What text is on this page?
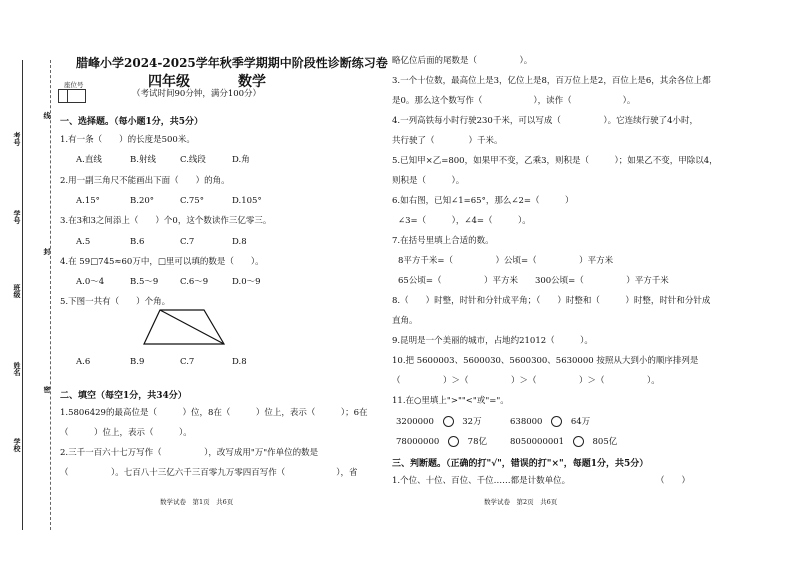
考号
线
学号
封
班级
姓名
密
学校
座位号
腊峰小学2024-2025学年秋季学期期中阶段性诊断练习卷
四年级	数学
（考试时间90分钟，满分100分）
一、选择题。（每小题1分，共5分）
1.有一条（　　）的长度是500米。
A.直线	B.射线	C.线段	D.角
2.用一副三角尺不能画出下面（　　）的角。
A.15°	B.20°	C.75°	D.105°
3.在3和3之间添上（　　）个0，这个数读作三亿零三。
A.5	B.6	C.7	D.8
4.在 59□745≈60万中，□里可以填的数是（　　）。
A.0～4	B.5～9	C.6～9	D.0～9
5.下图一共有（　　）个角。
A.6	B.9	C.7	D.8
二、填空（每空1分，共34分）
1.5806429的最高位是（　　　）位，8在（　　　）位上，表示（　　　）；6在
（　　　）位上，表示（　　　）。
2.三千一百六十七万写作（　　　　　），改写成用"万"作单位的数是
（　　　　　）。七百八十三亿六千三百零九万零四百写作（　　　　　　），省
数学试卷　第1页　共6页
略亿位后面的尾数是（　　　　　）。
3.一个十位数，最高位上是3，亿位上是8，百万位上是2，百位上是6，其余各位上都
是0。那么这个数写作（　　　　　　），读作（　　　　　　）。
4.一列高铁每小时行驶230千米，可以写成（　　　　　）。它连续行驶了4小时，
共行驶了（　　　　）千米。
5.已知甲×乙=800，如果甲不变，乙乘3，则积是（　　　）；如果乙不变，甲除以4，
则积是（　　　）。
6.如右图，已知∠1=65°，那么∠2=（　　　）
∠3=（　　　），∠4=（　　　）。
7.在括号里填上合适的数。
8平方千米=（　　　　　）公顷=（　　　　　）平方米
65公顷=（　　　　　）平方米　　300公顷=（　　　　　）平方千米
8.（　　）时整，时针和分针成平角；（　　）时整和（　　　）时整，时针和分针成
直角。
9.昆明是一个美丽的城市，占地约21012（　　　）。
10.把 5600003、5600030、5600300、5630000 按照从大到小的顺序排列是
（　　　　　）＞（　　　　　）＞（　　　　　）＞（　　　　　）。
11.在○里填上">""<"或"="。
3200000	32万	638000	64万
78000000	78亿	8050000001	805亿
三、判断题。（正确的打"√"，错误的打"×"，每题1分，共5分）
1.个位、十位、百位、千位……都是计数单位。	（　　）
数学试卷　第2页　共6页
